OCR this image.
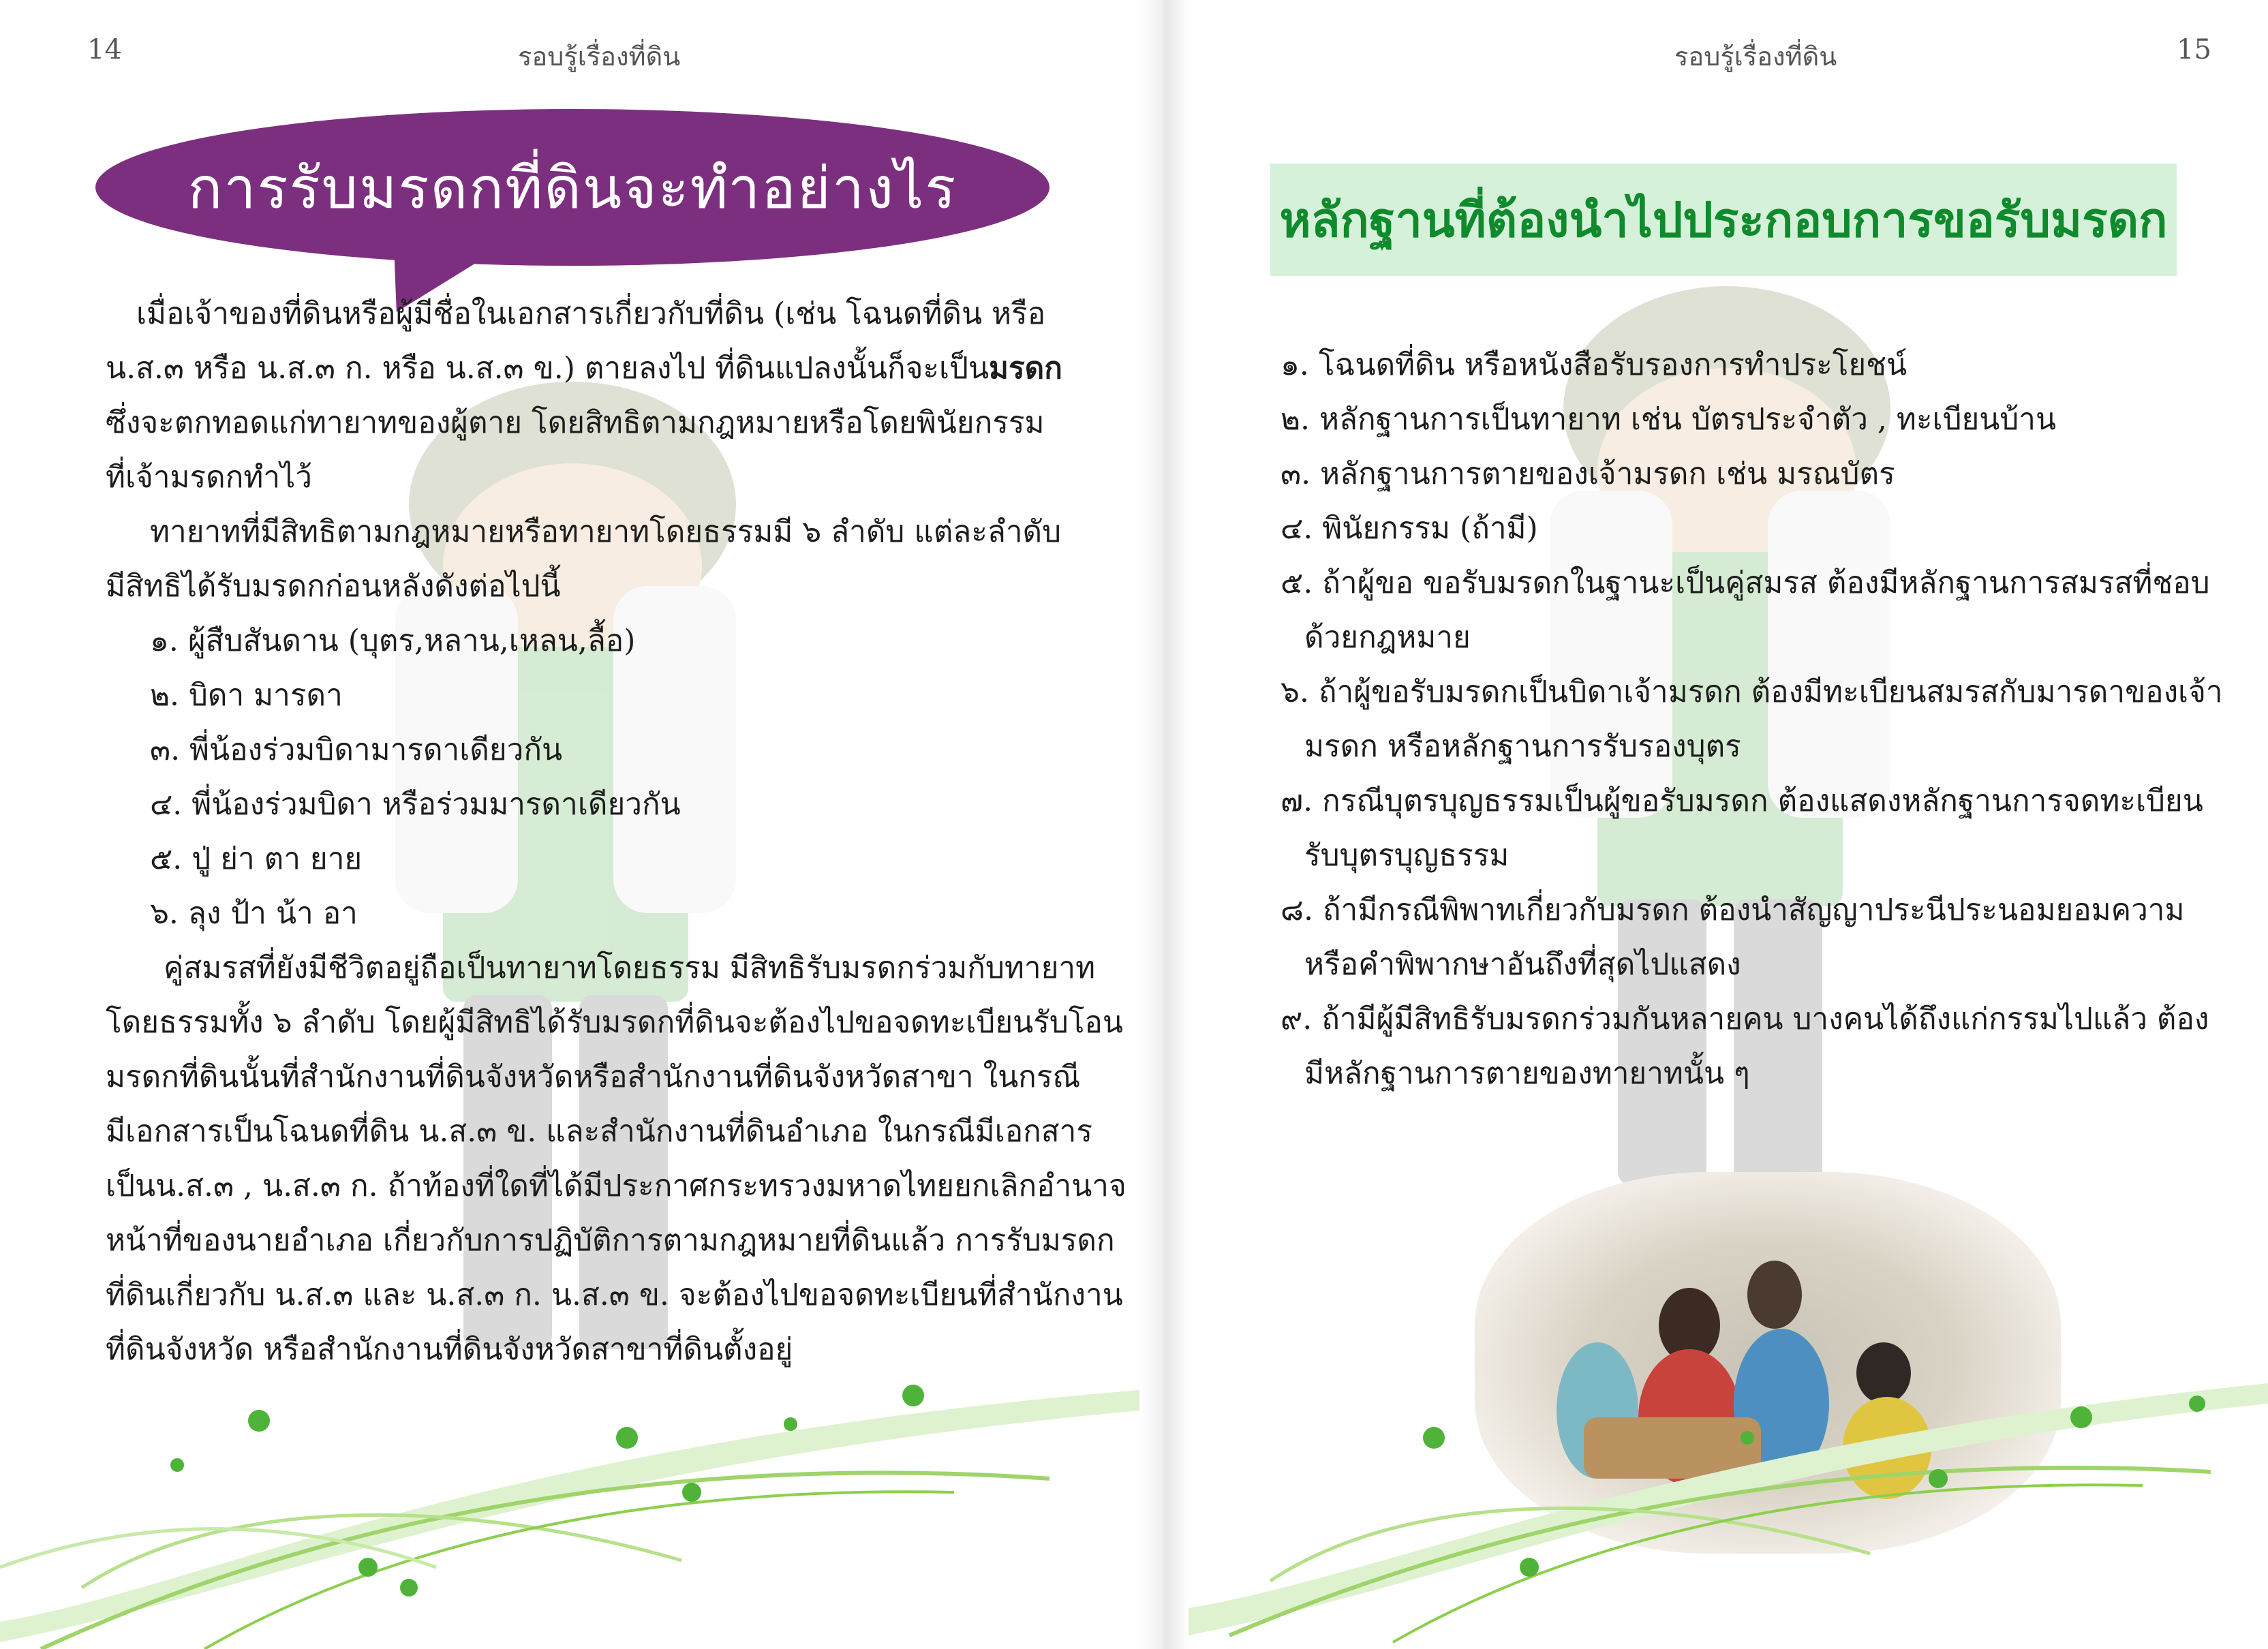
14	รอบรู้เรื่องที่ดิน
การรับมรดกที่ดินจะทำอย่างไร
เมื่อเจ้าของที่ดินหรือผู้มีชื่อในเอกสารเกี่ยวกับที่ดิน (เช่น โฉนดที่ดิน หรือ
น.ส.๓ หรือ น.ส.๓ ก. หรือ น.ส.๓ ข.) ตายลงไป ที่ดินแปลงนั้นก็จะเป็นมรดก
ซึ่งจะตกทอดแก่ทายาทของผู้ตาย โดยสิทธิตามกฎหมายหรือโดยพินัยกรรม
ที่เจ้ามรดกทำไว้
ทายาทที่มีสิทธิตามกฎหมายหรือทายาทโดยธรรมมี ๖ ลำดับ แต่ละลำดับ
มีสิทธิได้รับมรดกก่อนหลังดังต่อไปนี้
๑. ผู้สืบสันดาน (บุตร,หลาน,เหลน,ลื้อ)
๒. บิดา มารดา
๓. พี่น้องร่วมบิดามารดาเดียวกัน
๔. พี่น้องร่วมบิดา หรือร่วมมารดาเดียวกัน
๕. ปู่ ย่า ตา ยาย
๖. ลุง ป้า น้า อา
คู่สมรสที่ยังมีชีวิตอยู่ถือเป็นทายาทโดยธรรม มีสิทธิรับมรดกร่วมกับทายาท
โดยธรรมทั้ง ๖ ลำดับ โดยผู้มีสิทธิได้รับมรดกที่ดินจะต้องไปขอจดทะเบียนรับโอน
มรดกที่ดินนั้นที่สำนักงานที่ดินจังหวัดหรือสำนักงานที่ดินจังหวัดสาขา ในกรณี
มีเอกสารเป็นโฉนดที่ดิน น.ส.๓ ข. และสำนักงานที่ดินอำเภอ ในกรณีมีเอกสาร
เป็นน.ส.๓ , น.ส.๓ ก. ถ้าท้องที่ใดที่ได้มีประกาศกระทรวงมหาดไทยยกเลิกอำนาจ
หน้าที่ของนายอำเภอ เกี่ยวกับการปฏิบัติการตามกฎหมายที่ดินแล้ว การรับมรดก
ที่ดินเกี่ยวกับ น.ส.๓ และ น.ส.๓ ก. น.ส.๓ ข. จะต้องไปขอจดทะเบียนที่สำนักงาน
ที่ดินจังหวัด หรือสำนักงานที่ดินจังหวัดสาขาที่ดินตั้งอยู่
15
รอบรู้เรื่องที่ดิน
หลักฐานที่ต้องนำไปประกอบการขอรับมรดก
๑. โฉนดที่ดิน หรือหนังสือรับรองการทำประโยชน์
๒. หลักฐานการเป็นทายาท เช่น บัตรประจำตัว , ทะเบียนบ้าน
๓. หลักฐานการตายของเจ้ามรดก เช่น มรณบัตร
๔. พินัยกรรม (ถ้ามี)
๕. ถ้าผู้ขอ ขอรับมรดกในฐานะเป็นคู่สมรส ต้องมีหลักฐานการสมรสที่ชอบ
ด้วยกฎหมาย
๖. ถ้าผู้ขอรับมรดกเป็นบิดาเจ้ามรดก ต้องมีทะเบียนสมรสกับมารดาของเจ้า
มรดก หรือหลักฐานการรับรองบุตร
๗. กรณีบุตรบุญธรรมเป็นผู้ขอรับมรดก ต้องแสดงหลักฐานการจดทะเบียน
รับบุตรบุญธรรม
๘. ถ้ามีกรณีพิพาทเกี่ยวกับมรดก ต้องนำสัญญาประนีประนอมยอมความ
หรือคำพิพากษาอันถึงที่สุดไปแสดง
๙. ถ้ามีผู้มีสิทธิรับมรดกร่วมกันหลายคน บางคนได้ถึงแก่กรรมไปแล้ว ต้อง
มีหลักฐานการตายของทายาทนั้น ๆ
